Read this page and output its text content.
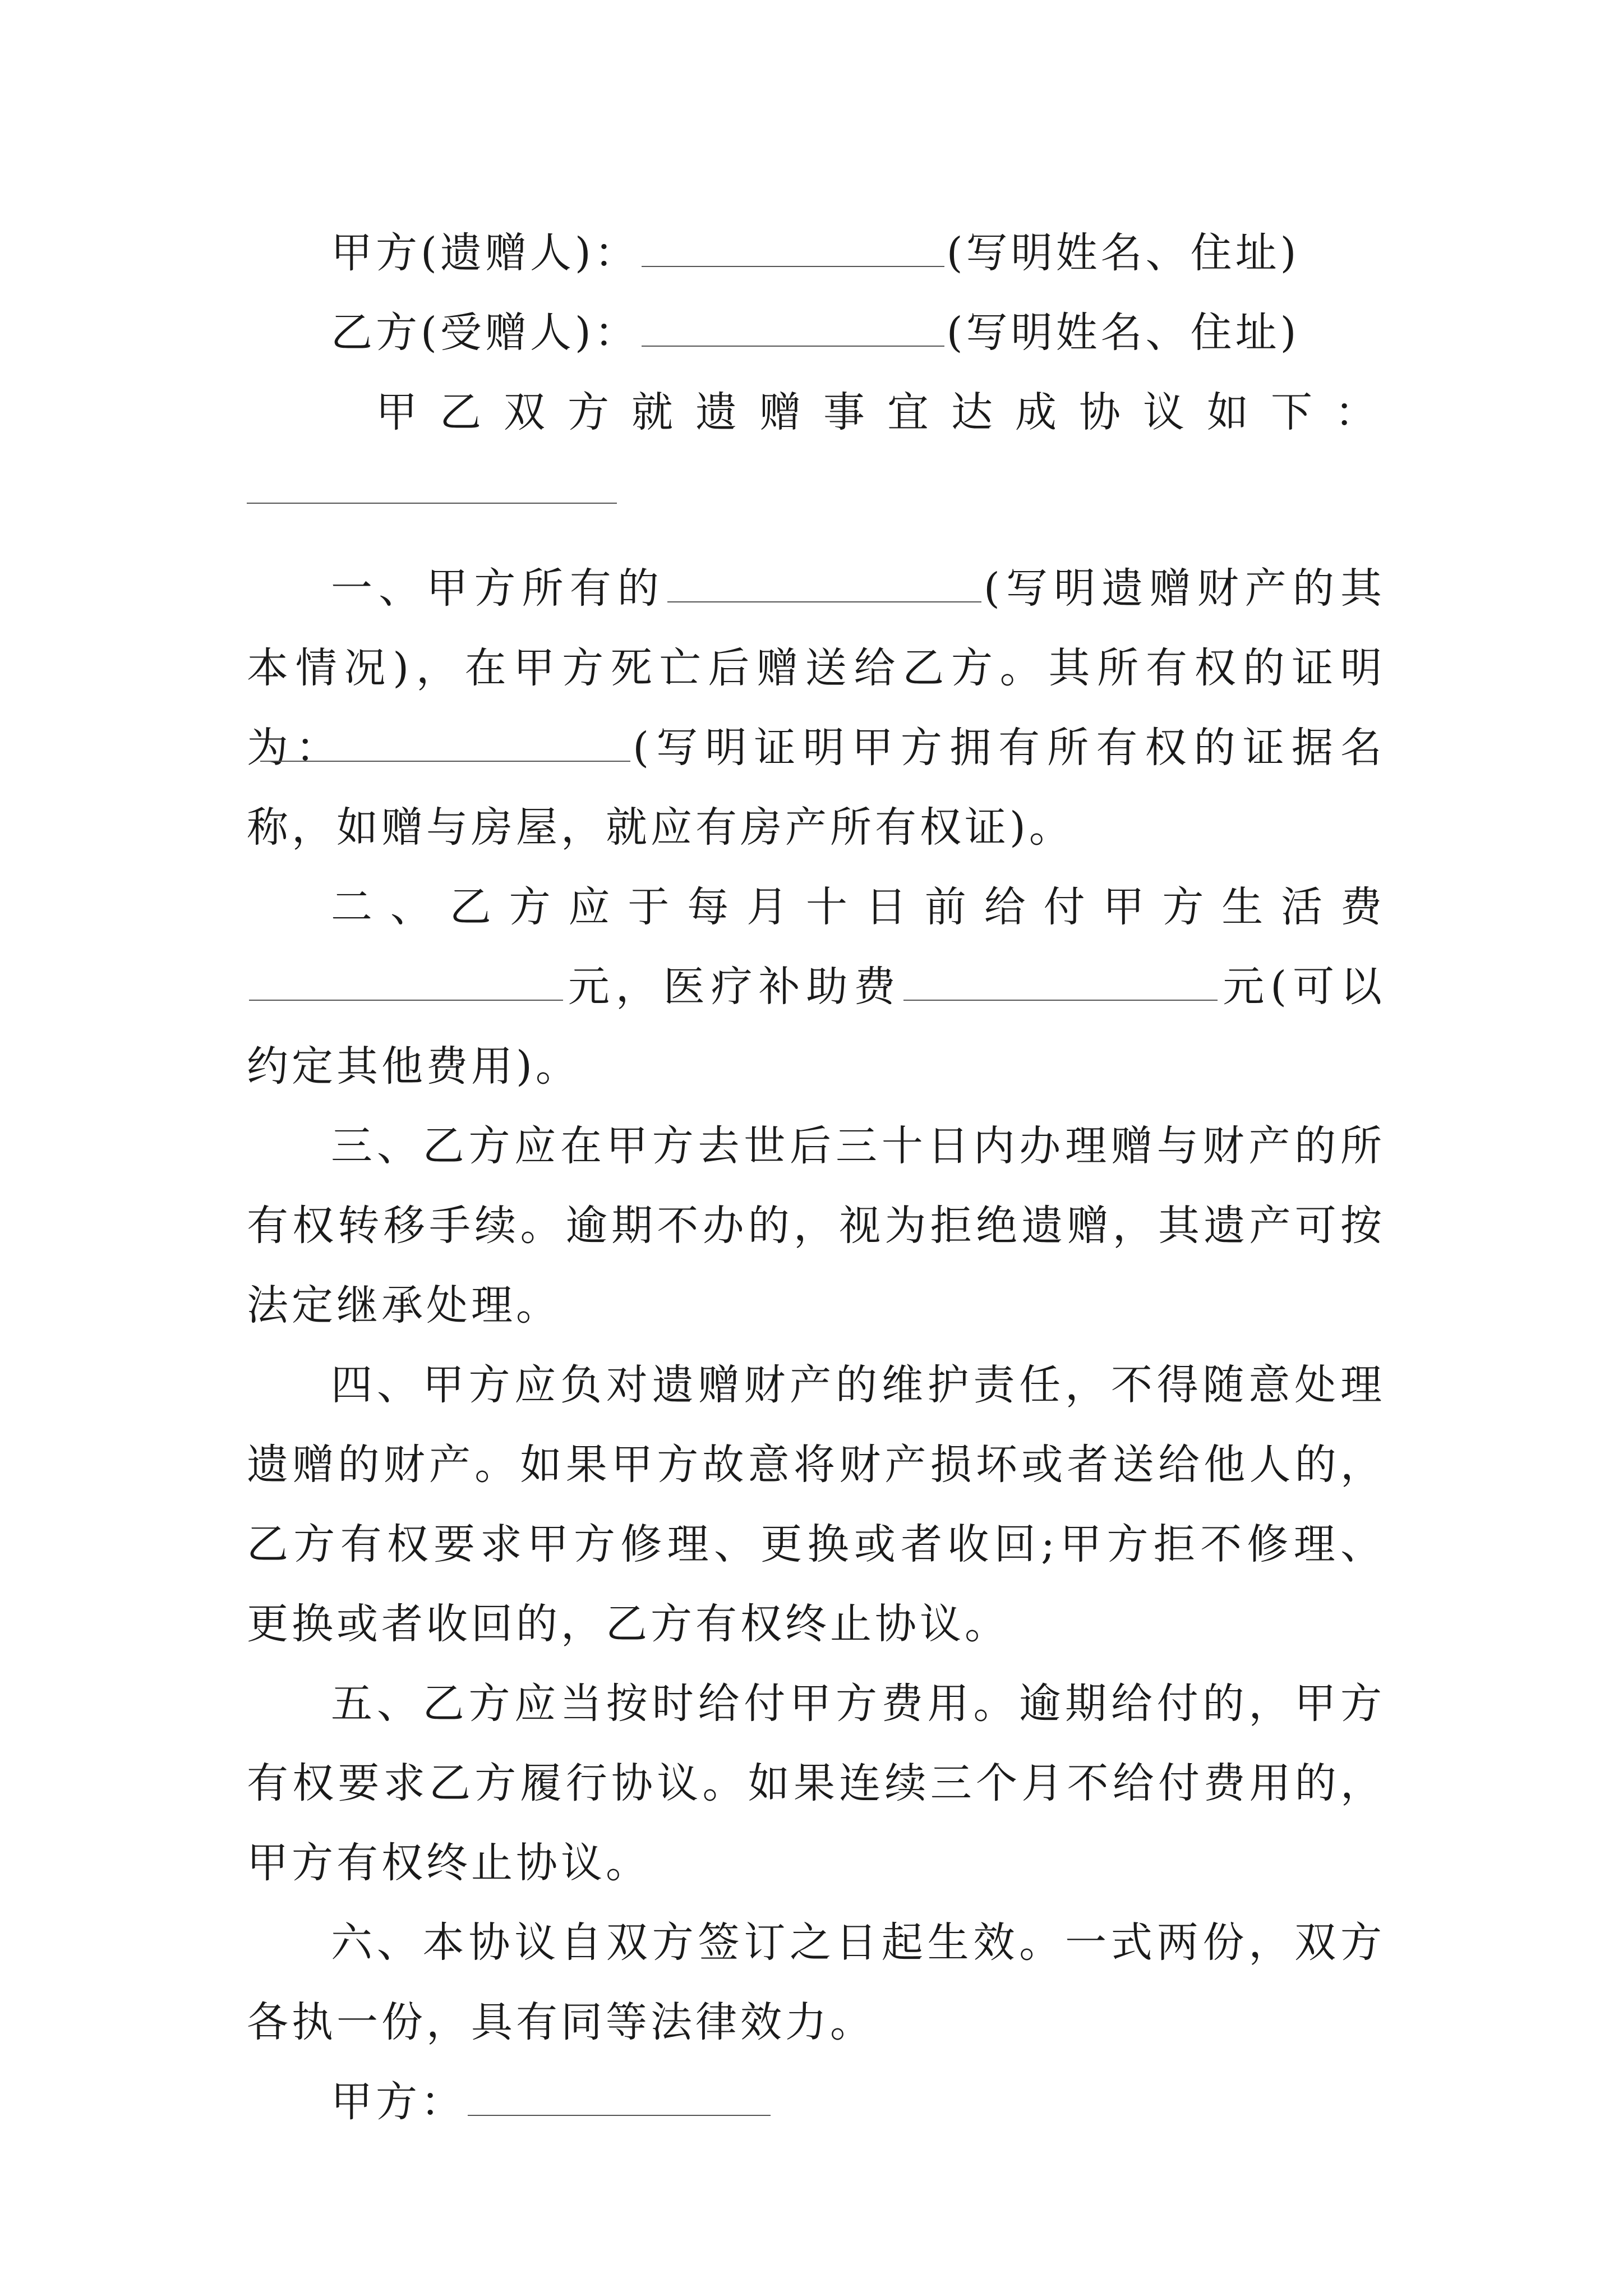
甲方(遗赠人)：	(写明姓名、住址)
乙方(受赠人)：	(写明姓名、住址)
甲乙双方就遗赠事宜达成协议如下：

一、甲方所有的	(写明遗赠财产的其本情况)，在甲方死亡后赠送给乙方。其所有权的证明为：	(写明证明甲方拥有所有权的证据名称，如赠与房屋，就应有房产所有权证)。

二、乙方应于每月十日前给付甲方生活费元，医疗补助费	元(可以约定其他费用)。

三、乙方应在甲方去世后三十日内办理赠与财产的所有权转移手续。逾期不办的，视为拒绝遗赠，其遗产可按法定继承处理。

四、甲方应负对遗赠财产的维护责任，不得随意处理遗赠的财产。如果甲方故意将财产损坏或者送给他人的，乙方有权要求甲方修理、更换或者收回;甲方拒不修理、更换或者收回的，乙方有权终止协议。

五、乙方应当按时给付甲方费用。逾期给付的，甲方有权要求乙方履行协议。如果连续三个月不给付费用的，甲方有权终止协议。

六、本协议自双方签订之日起生效。一式两份，双方各执一份，具有同等法律效力。

甲方：
